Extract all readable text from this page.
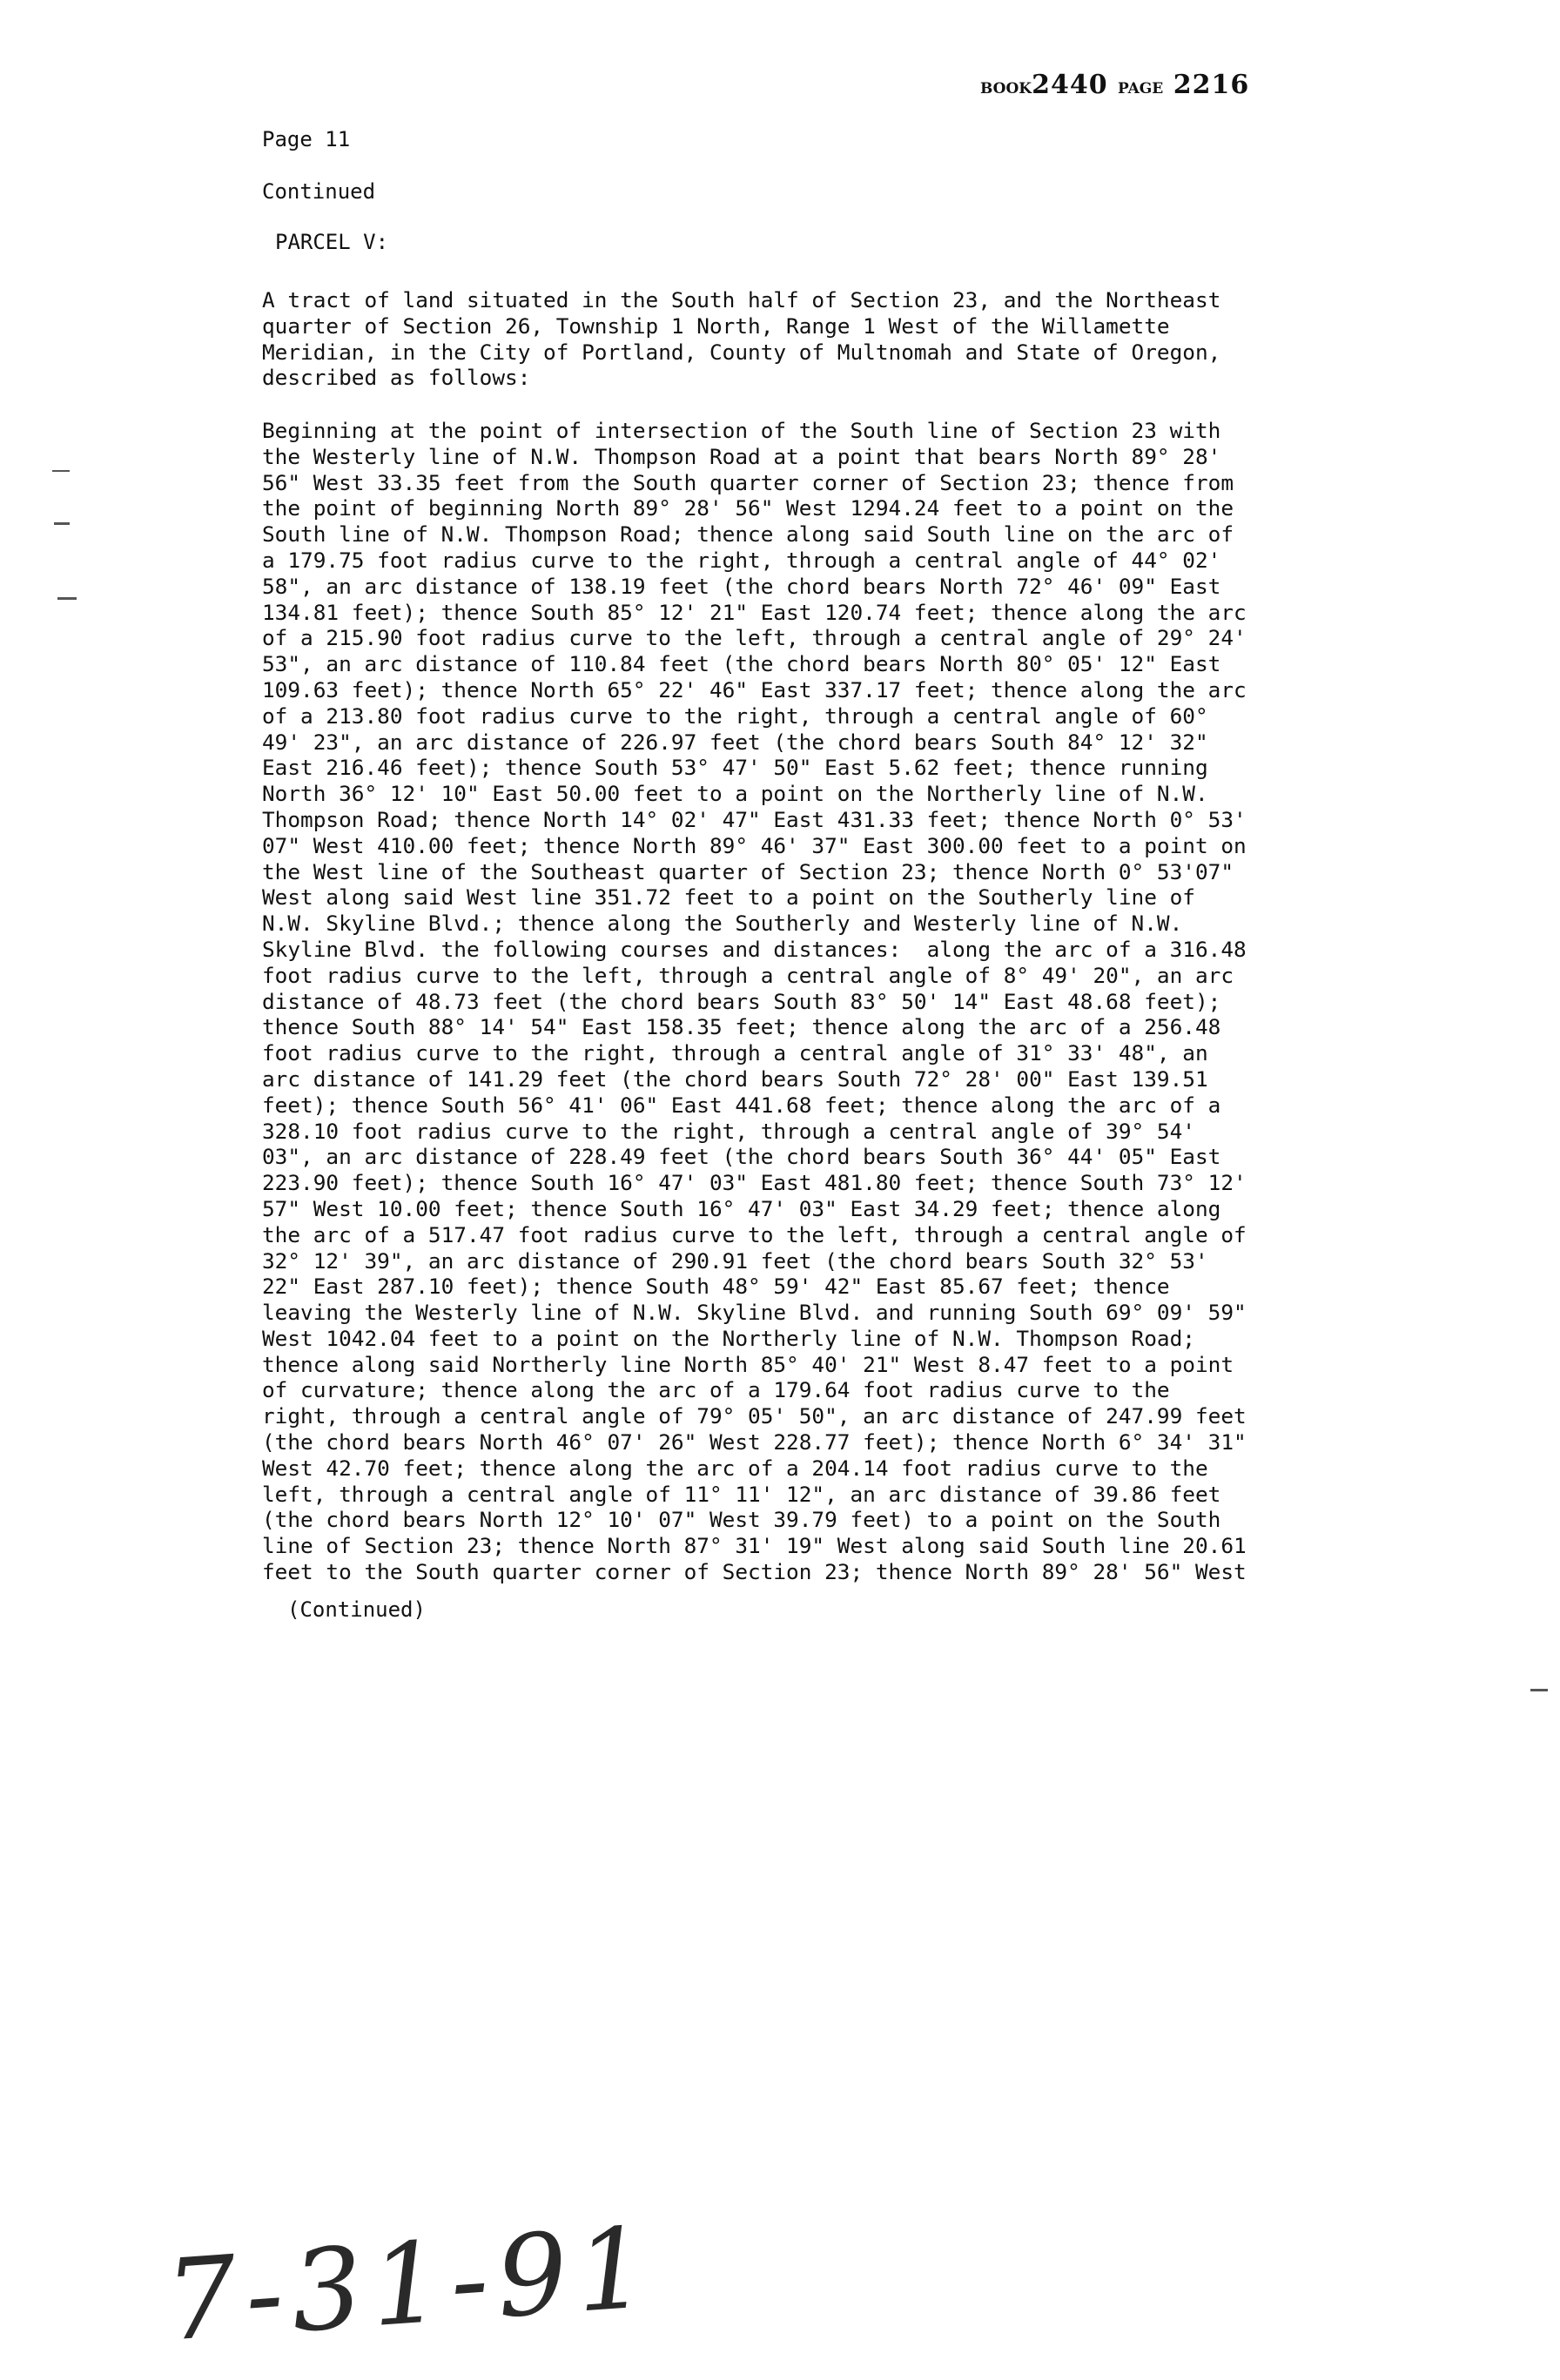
BOOK2440 PAGE 2216
Page 11
Continued
PARCEL V:
A tract of land situated in the South half of Section 23, and the Northeast
quarter of Section 26, Township 1 North, Range 1 West of the Willamette
Meridian, in the City of Portland, County of Multnomah and State of Oregon,
described as follows:
Beginning at the point of intersection of the South line of Section 23 with
the Westerly line of N.W. Thompson Road at a point that bears North 89° 28'
56" West 33.35 feet from the South quarter corner of Section 23; thence from
the point of beginning North 89° 28' 56" West 1294.24 feet to a point on the
South line of N.W. Thompson Road; thence along said South line on the arc of
a 179.75 foot radius curve to the right, through a central angle of 44° 02'
58", an arc distance of 138.19 feet (the chord bears North 72° 46' 09" East
134.81 feet); thence South 85° 12' 21" East 120.74 feet; thence along the arc
of a 215.90 foot radius curve to the left, through a central angle of 29° 24'
53", an arc distance of 110.84 feet (the chord bears North 80° 05' 12" East
109.63 feet); thence North 65° 22' 46" East 337.17 feet; thence along the arc
of a 213.80 foot radius curve to the right, through a central angle of 60°
49' 23", an arc distance of 226.97 feet (the chord bears South 84° 12' 32"
East 216.46 feet); thence South 53° 47' 50" East 5.62 feet; thence running
North 36° 12' 10" East 50.00 feet to a point on the Northerly line of N.W.
Thompson Road; thence North 14° 02' 47" East 431.33 feet; thence North 0° 53'
07" West 410.00 feet; thence North 89° 46' 37" East 300.00 feet to a point on
the West line of the Southeast quarter of Section 23; thence North 0° 53'07"
West along said West line 351.72 feet to a point on the Southerly line of
N.W. Skyline Blvd.; thence along the Southerly and Westerly line of N.W.
Skyline Blvd. the following courses and distances:  along the arc of a 316.48
foot radius curve to the left, through a central angle of 8° 49' 20", an arc
distance of 48.73 feet (the chord bears South 83° 50' 14" East 48.68 feet);
thence South 88° 14' 54" East 158.35 feet; thence along the arc of a 256.48
foot radius curve to the right, through a central angle of 31° 33' 48", an
arc distance of 141.29 feet (the chord bears South 72° 28' 00" East 139.51
feet); thence South 56° 41' 06" East 441.68 feet; thence along the arc of a
328.10 foot radius curve to the right, through a central angle of 39° 54'
03", an arc distance of 228.49 feet (the chord bears South 36° 44' 05" East
223.90 feet); thence South 16° 47' 03" East 481.80 feet; thence South 73° 12'
57" West 10.00 feet; thence South 16° 47' 03" East 34.29 feet; thence along
the arc of a 517.47 foot radius curve to the left, through a central angle of
32° 12' 39", an arc distance of 290.91 feet (the chord bears South 32° 53'
22" East 287.10 feet); thence South 48° 59' 42" East 85.67 feet; thence
leaving the Westerly line of N.W. Skyline Blvd. and running South 69° 09' 59"
West 1042.04 feet to a point on the Northerly line of N.W. Thompson Road;
thence along said Northerly line North 85° 40' 21" West 8.47 feet to a point
of curvature; thence along the arc of a 179.64 foot radius curve to the
right, through a central angle of 79° 05' 50", an arc distance of 247.99 feet
(the chord bears North 46° 07' 26" West 228.77 feet); thence North 6° 34' 31"
West 42.70 feet; thence along the arc of a 204.14 foot radius curve to the
left, through a central angle of 11° 11' 12", an arc distance of 39.86 feet
(the chord bears North 12° 10' 07" West 39.79 feet) to a point on the South
line of Section 23; thence North 87° 31' 19" West along said South line 20.61
feet to the South quarter corner of Section 23; thence North 89° 28' 56" West
(Continued)
7-31-91
